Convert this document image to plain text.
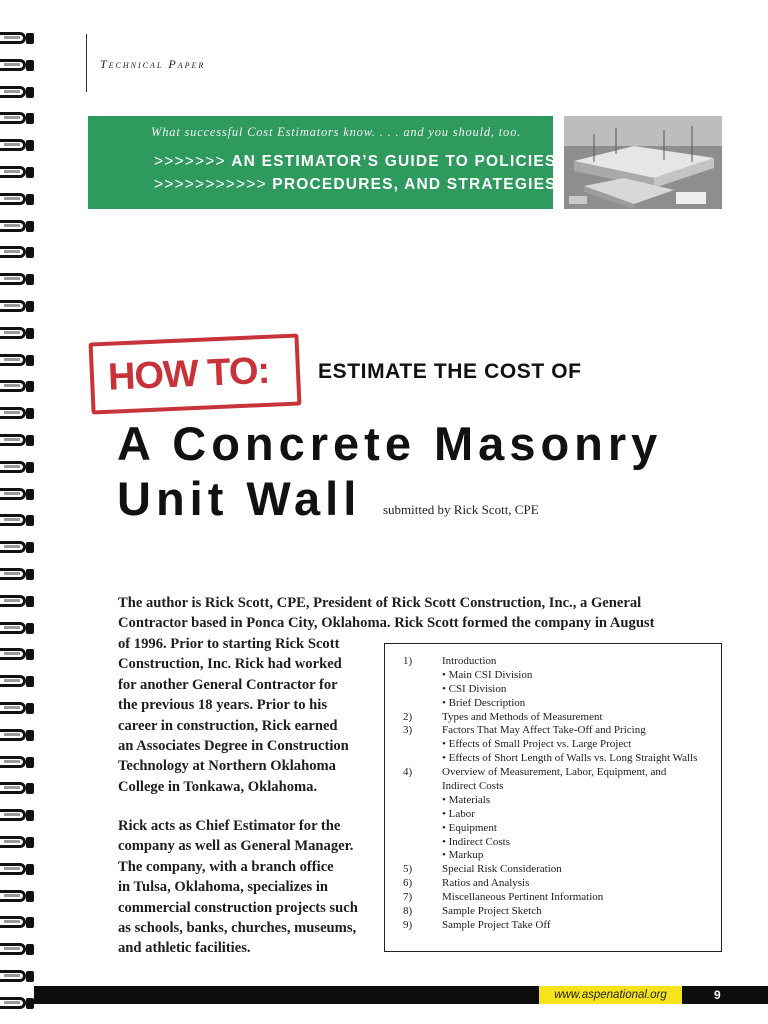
Technical Paper
What successful Cost Estimators know. . . . and you should, too.
>>>>>>> AN ESTIMATOR’S GUIDE TO POLICIES,
>>>>>>>>>>> PROCEDURES, AND STRATEGIES
HOW TO: ESTIMATE THE COST OF
A Concrete Masonry
Unit Wall submitted by Rick Scott, CPE
The author is Rick Scott, CPE, President of Rick Scott Construction, Inc., a General
Contractor based in Ponca City, Oklahoma. Rick Scott formed the company in August
of 1996. Prior to starting Rick Scott
Construction, Inc. Rick had worked
for another General Contractor for
the previous 18 years. Prior to his
career in construction, Rick earned
an Associates Degree in Construction
Technology at Northern Oklahoma
College in Tonkawa, Oklahoma.
Rick acts as Chief Estimator for the
company as well as General Manager.
The company, with a branch office
in Tulsa, Oklahoma, specializes in
commercial construction projects such
as schools, banks, churches, museums,
and athletic facilities.
1)	Introduction
• Main CSI Division
• CSI Division
• Brief Description
2)	Types and Methods of Measurement
3)	Factors That May Affect Take-Off and Pricing
• Effects of Small Project vs. Large Project
• Effects of Short Length of Walls vs. Long Straight Walls
4)	Overview of Measurement, Labor, Equipment, and
Indirect Costs
• Materials
• Labor
• Equipment
• Indirect Costs
• Markup
5)	Special Risk Consideration
6)	Ratios and Analysis
7)	Miscellaneous Pertinent Information
8)	Sample Project Sketch
9)	Sample Project Take Off
www.aspenational.org	9
